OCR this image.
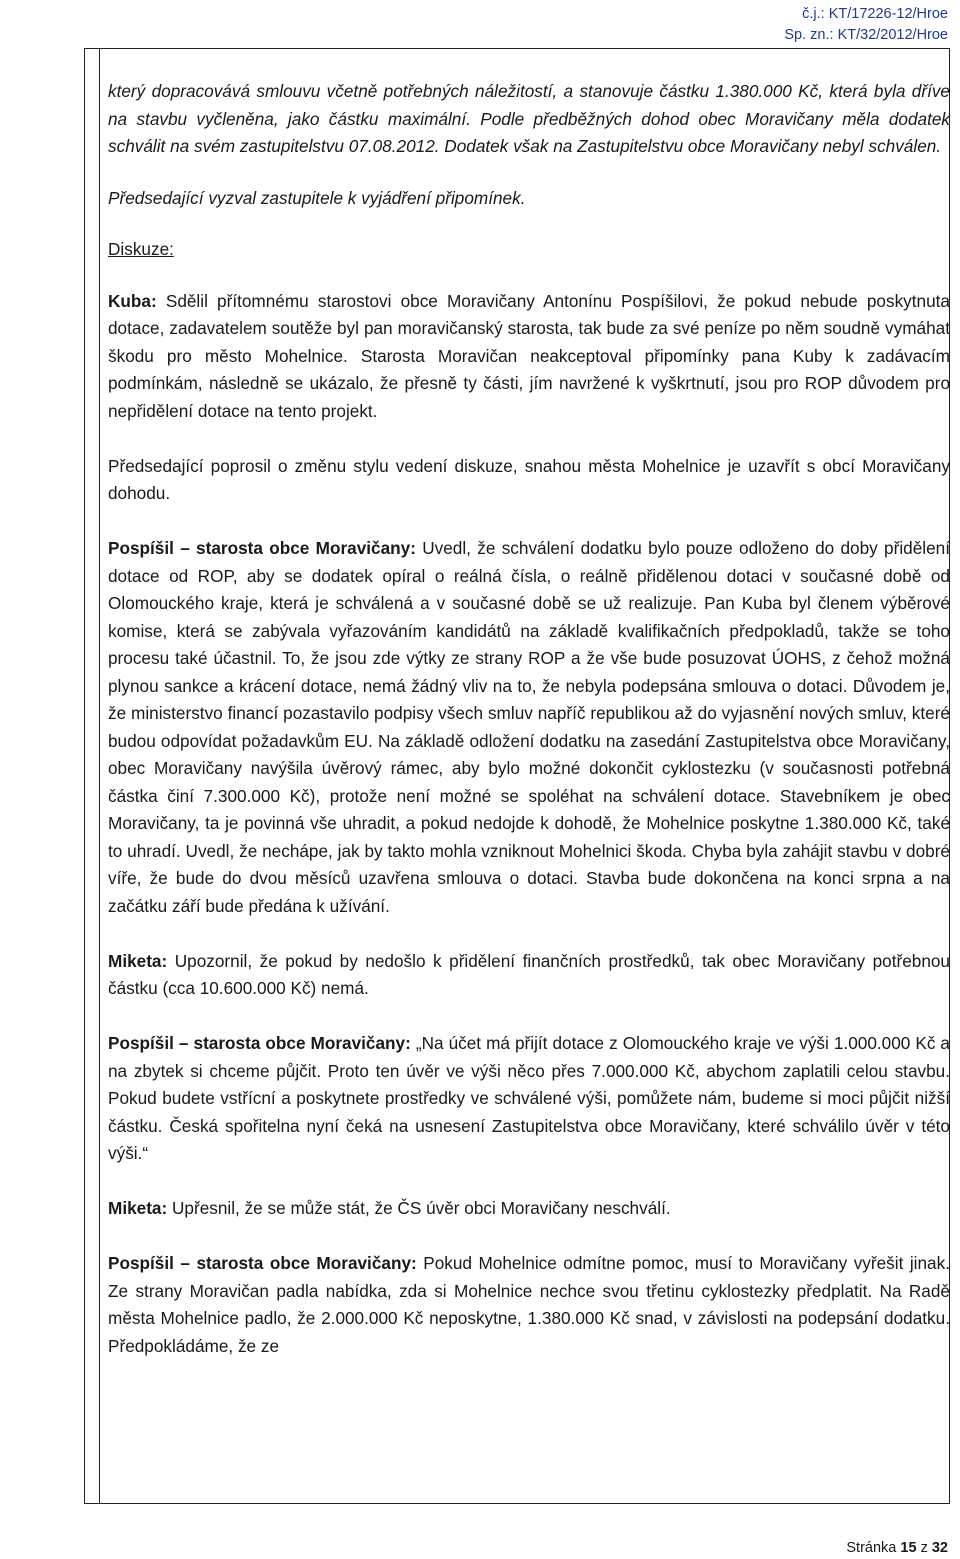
č.j.: KT/17226-12/Hroe
Sp. zn.: KT/32/2012/Hroe

který dopracovává smlouvu včetně potřebných náležitostí, a stanovuje částku 1.380.000 Kč, která byla dříve na stavbu vyčleněna, jako částku maximální. Podle předběžných dohod obec Moravičany měla dodatek schválit na svém zastupitelstvu 07.08.2012. Dodatek však na Zastupitelstvu obce Moravičany nebyl schválen.

Předsedající vyzval zastupitele k vyjádření připomínek.

Diskuze:

Kuba: Sdělil přítomnému starostovi obce Moravičany Antonínu Pospíšilovi, že pokud nebude poskytnuta dotace, zadavatelem soutěže byl pan moravičanský starosta, tak bude za své peníze po něm soudně vymáhat škodu pro město Mohelnice. Starosta Moravičan neakceptoval připomínky pana Kuby k zadávacím podmínkám, následně se ukázalo, že přesně ty části, jím navržené k vyškrtnutí, jsou pro ROP důvodem pro nepřidělení dotace na tento projekt.

Předsedající poprosil o změnu stylu vedení diskuze, snahou města Mohelnice je uzavřít s obcí Moravičany dohodu.

Pospíšil – starosta obce Moravičany: Uvedl, že schválení dodatku bylo pouze odloženo do doby přidělení dotace od ROP, aby se dodatek opíral o reálná čísla, o reálně přidělenou dotaci v současné době od Olomouckého kraje, která je schválená a v současné době se už realizuje. Pan Kuba byl členem výběrové komise, která se zabývala vyřazováním kandidátů na základě kvalifikačních předpokladů, takže se toho procesu také účastnil. To, že jsou zde výtky ze strany ROP a že vše bude posuzovat ÚOHS, z čehož možná plynou sankce a krácení dotace, nemá žádný vliv na to, že nebyla podepsána smlouva o dotaci. Důvodem je, že ministerstvo financí pozastavilo podpisy všech smluv napříč republikou až do vyjasnění nových smluv, které budou odpovídat požadavkům EU. Na základě odložení dodatku na zasedání Zastupitelstva obce Moravičany, obec Moravičany navýšila úvěrový rámec, aby bylo možné dokončit cyklostezku (v současnosti potřebná částka činí 7.300.000 Kč), protože není možné se spoléhat na schválení dotace. Stavebníkem je obec Moravičany, ta je povinná vše uhradit, a pokud nedojde k dohodě, že Mohelnice poskytne 1.380.000 Kč, také to uhradí. Uvedl, že nechápe, jak by takto mohla vzniknout Mohelnici škoda. Chyba byla zahájit stavbu v dobré víře, že bude do dvou měsíců uzavřena smlouva o dotaci. Stavba bude dokončena na konci srpna a na začátku září bude předána k užívání.

Miketa: Upozornil, že pokud by nedošlo k přidělení finančních prostředků, tak obec Moravičany potřebnou částku (cca 10.600.000 Kč) nemá.

Pospíšil – starosta obce Moravičany: „Na účet má přijít dotace z Olomouckého kraje ve výši 1.000.000 Kč a na zbytek si chceme půjčit. Proto ten úvěr ve výši něco přes 7.000.000 Kč, abychom zaplatili celou stavbu. Pokud budete vstřícní a poskytnete prostředky ve schválené výši, pomůžete nám, budeme si moci půjčit nižší částku. Česká spořitelna nyní čeká na usnesení Zastupitelstva obce Moravičany, které schválilo úvěr v této výši.“

Miketa: Upřesnil, že se může stát, že ČS úvěr obci Moravičany neschválí.

Pospíšil – starosta obce Moravičany: Pokud Mohelnice odmítne pomoc, musí to Moravičany vyřešit jinak. Ze strany Moravičan padla nabídka, zda si Mohelnice nechce svou třetinu cyklostezky předplatit. Na Radě města Mohelnice padlo, že 2.000.000 Kč neposkytne, 1.380.000 Kč snad, v závislosti na podepsání dodatku. Předpokládáme, že ze

Stránka 15 z 32
